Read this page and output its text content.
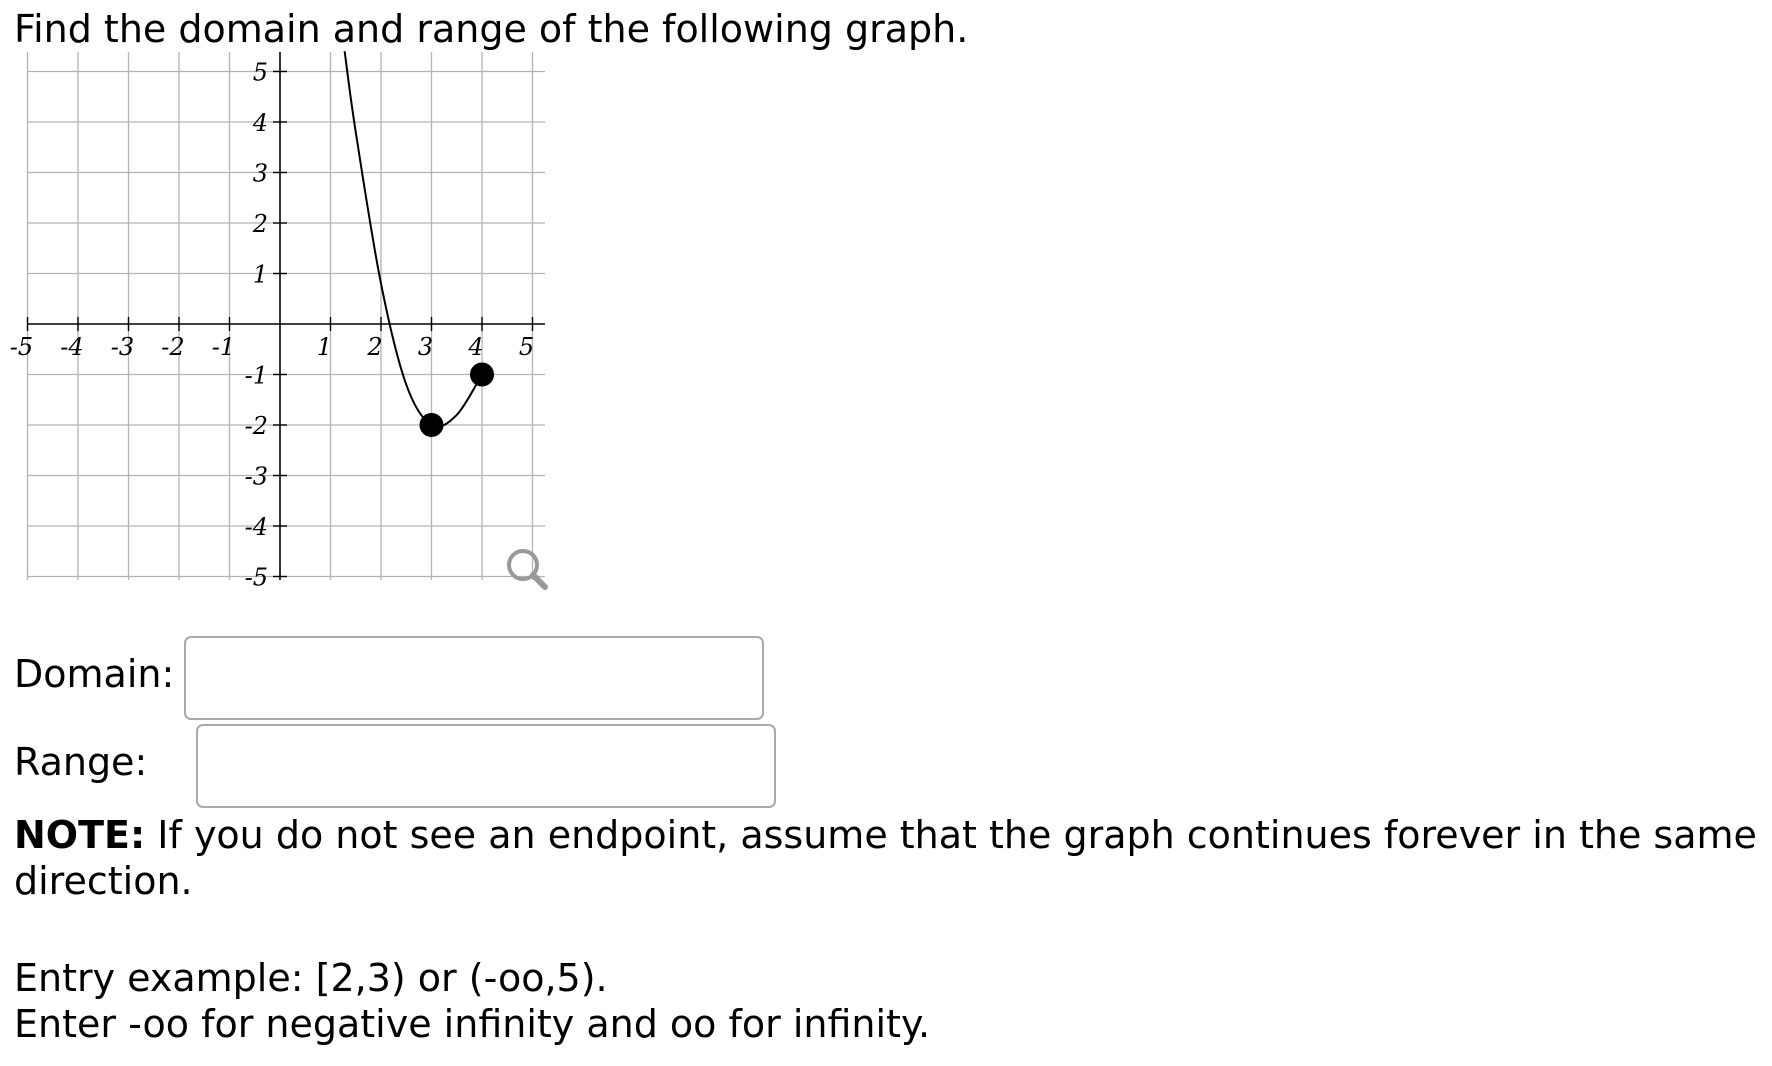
Find the domain and range of the following graph.
-5 -4 -3 -2 -1	1 2 3 4 5
5
4
3
2
1
-1
-2
-3
-4
-5
Domain:
Range:
NOTE: If you do not see an endpoint, assume that the graph continues forever in the same direction.
Entry example: [2,3) or (-oo,5).
Enter -oo for negative infinity and oo for infinity.
